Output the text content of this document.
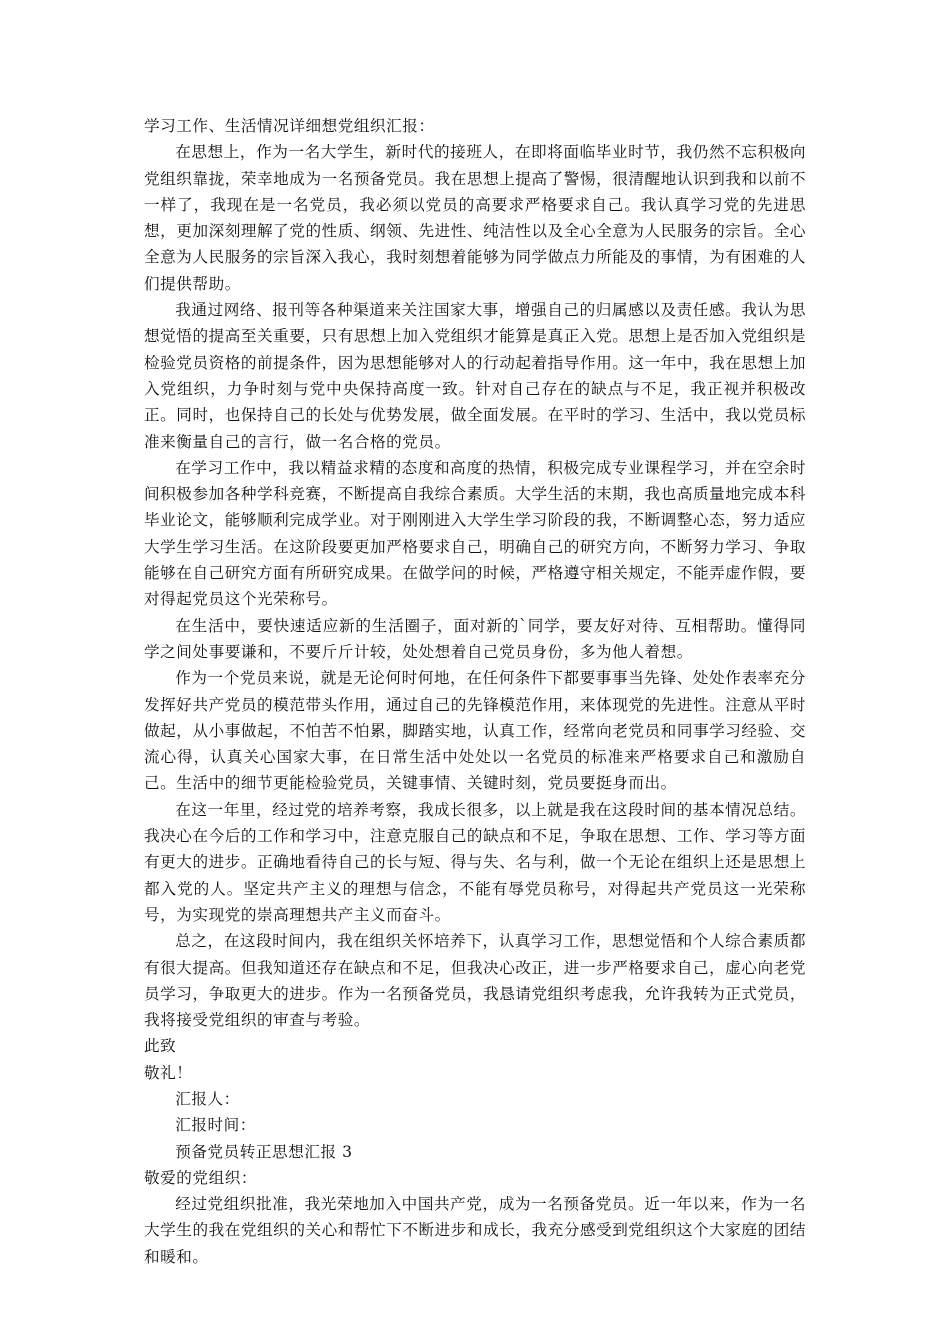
学习工作、生活情况详细想党组织汇报：

在思想上，作为一名大学生，新时代的接班人，在即将面临毕业时节，我仍然不忘积极向党组织靠拢，荣幸地成为一名预备党员。我在思想上提高了警惕，很清醒地认识到我和以前不一样了，我现在是一名党员，我必须以党员的高要求严格要求自己。我认真学习党的先进思想，更加深刻理解了党的性质、纲领、先进性、纯洁性以及全心全意为人民服务的宗旨。全心全意为人民服务的宗旨深入我心，我时刻想着能够为同学做点力所能及的事情，为有困难的人们提供帮助。

我通过网络、报刊等各种渠道来关注国家大事，增强自己的归属感以及责任感。我认为思想觉悟的提高至关重要，只有思想上加入党组织才能算是真正入党。思想上是否加入党组织是检验党员资格的前提条件，因为思想能够对人的行动起着指导作用。这一年中，我在思想上加入党组织，力争时刻与党中央保持高度一致。针对自己存在的缺点与不足，我正视并积极改正。同时，也保持自己的长处与优势发展，做全面发展。在平时的学习、生活中，我以党员标准来衡量自己的言行，做一名合格的党员。

在学习工作中，我以精益求精的态度和高度的热情，积极完成专业课程学习，并在空余时间积极参加各种学科竞赛，不断提高自我综合素质。大学生活的末期，我也高质量地完成本科毕业论文，能够顺利完成学业。对于刚刚进入大学生学习阶段的我，不断调整心态，努力适应大学生学习生活。在这阶段要更加严格要求自己，明确自己的研究方向，不断努力学习、争取能够在自己研究方面有所研究成果。在做学问的时候，严格遵守相关规定，不能弄虚作假，要对得起党员这个光荣称号。

在生活中，要快速适应新的生活圈子，面对新的`同学，要友好对待、互相帮助。懂得同学之间处事要谦和，不要斤斤计较，处处想着自己党员身份，多为他人着想。

作为一个党员来说，就是无论何时何地，在任何条件下都要事事当先锋、处处作表率充分发挥好共产党员的模范带头作用，通过自己的先锋模范作用，来体现党的先进性。注意从平时做起，从小事做起，不怕苦不怕累，脚踏实地，认真工作，经常向老党员和同事学习经验、交流心得，认真关心国家大事，在日常生活中处处以一名党员的标准来严格要求自己和激励自己。生活中的细节更能检验党员，关键事情、关键时刻，党员要挺身而出。

在这一年里，经过党的培养考察，我成长很多，以上就是我在这段时间的基本情况总结。我决心在今后的工作和学习中，注意克服自己的缺点和不足，争取在思想、工作、学习等方面有更大的进步。正确地看待自己的长与短、得与失、名与利，做一个无论在组织上还是思想上都入党的人。坚定共产主义的理想与信念，不能有辱党员称号，对得起共产党员这一光荣称号，为实现党的崇高理想共产主义而奋斗。

总之，在这段时间内，我在组织关怀培养下，认真学习工作，思想觉悟和个人综合素质都有很大提高。但我知道还存在缺点和不足，但我决心改正，进一步严格要求自己，虚心向老党员学习，争取更大的进步。作为一名预备党员，我恳请党组织考虑我，允许我转为正式党员，我将接受党组织的审查与考验。

此致

敬礼！

汇报人：

汇报时间：

预备党员转正思想汇报 3

敬爱的党组织：

经过党组织批准，我光荣地加入中国共产党，成为一名预备党员。近一年以来，作为一名大学生的我在党组织的关心和帮忙下不断进步和成长，我充分感受到党组织这个大家庭的团结和暖和。
